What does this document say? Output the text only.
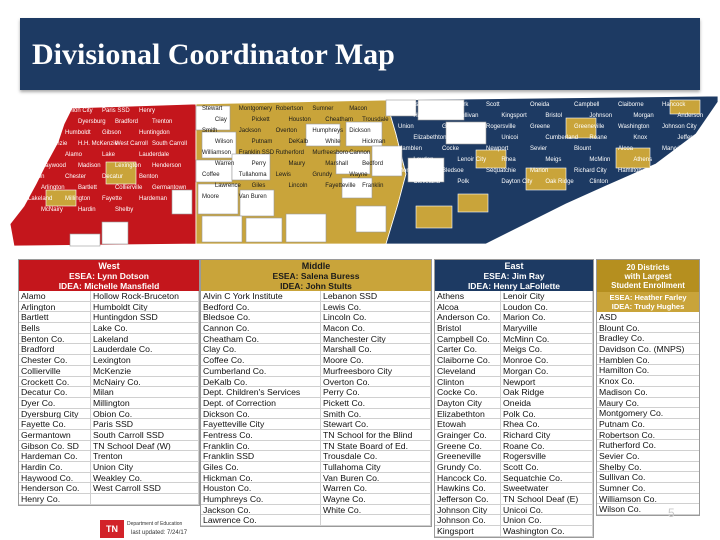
Divisional Coordinator Map
Obion	Union City Paris SSD Henry
Dyer	Dyersburg Bradford Trenton
Milan	Humboldt Gibson	Huntingdon
McKenzie H.H. McKenzie
West Carroll South Carroll
Crockett Alamo	Lake	Lauderdale
Haywood Madison Lexington Henderson
Tipton	Chester	Decatur	Benton
Arlington Bartlett	Collierville Germantown
Lakeland Millington Fayette	Hardeman
McNairy Hardin	Shelby
Stewart	Montgomery Robertson Sumner	Macon
Clay	Pickett	Houston Cheatham Trousdale
Smith	Jackson Overton	Humphreys Dickson
Wilson	Putnam	DeKalb	White	Hickman
Williamson Franklin SSD Rutherford Murfreesboro Cannon
Warren	Perry	Maury	Marshall Bedford
Coffee	Tullahoma Lewis	Grundy	Wayne
Lawrence Giles	Lincoln	Fayetteville Franklin
Moore	Van Buren
Fentress	Alvin York	Scott	Oneida	Campbell	Claiborne	Hancock
Hawkins	Sullivan	Kingsport	Bristol	Johnson	Morgan	Anderson
Union	Grainger	Rogersville Greene	Greeneville Washington Johnson City
Elizabethton Carter	Unicoi	Cumberland Roane	Knox	Jefferson
Hamblen	Cocke	Newport	Sevier	Blount	Alcoa	Maryville
Loudon	Lenoir City	Rhea	Meigs	McMinn	Athens	Etowah
Monroe	Bledsoe	Sequatchie Marion	Richard City Hamilton	Bradley
Cleveland	Polk	Dayton City Oak Ridge	Clinton
West
ESEA: Lynn Dotson
IDEA: Michelle Mansfield
Alamo	Hollow Rock-Bruceton
Arlington	Humboldt City
Bartlett	Huntingdon SSD
Bells	Lake Co.
Benton Co.	Lakeland
Bradford	Lauderdale Co.
Chester Co.	Lexington
Collierville	McKenzie
Crockett Co.	McNairy Co.
Decatur Co.	Milan
Dyer Co.	Millington
Dyersburg City	Obion Co.
Fayette Co.	Paris SSD
Germantown	South Carroll SSD
Gibson Co. SD	TN School Deaf (W)
Hardeman Co.	Trenton
Hardin Co.	Union City
Haywood Co.	Weakley Co.
Henderson Co.	West Carroll SSD
Henry Co.
Middle
ESEA: Salena Buress
IDEA: John Stults
Alvin C York Institute	Lebanon SSD
Bedford Co.	Lewis Co.
Bledsoe Co.	Lincoln Co.
Cannon Co.	Macon Co.
Cheatham Co.	Manchester City
Clay Co.	Marshall Co.
Coffee Co.	Moore Co.
Cumberland Co.	Murfreesboro City
DeKalb Co.	Overton Co.
Dept. Children's Services	Perry Co.
Dept. of Correction	Pickett Co.
Dickson Co.	Smith Co.
Fayetteville City	Stewart Co.
Fentress Co.	TN School for the Blind
Franklin Co.	TN State Board of Ed.
Franklin SSD	Trousdale Co.
Giles Co.	Tullahoma City
Hickman Co.	Van Buren Co.
Houston Co.	Warren Co.
Humphreys Co.	Wayne Co.
Jackson Co.	White Co.
Lawrence Co.
East
ESEA: Jim Ray
IDEA: Henry LaFollette
Athens	Lenoir City
Alcoa	Loudon Co.
Anderson Co.	Marion Co.
Bristol	Maryville
Campbell Co.	McMinn Co.
Carter Co.	Meigs Co.
Claiborne Co.	Monroe Co.
Cleveland	Morgan Co.
Clinton	Newport
Cocke Co.	Oak Ridge
Dayton City	Oneida
Elizabethton	Polk Co.
Etowah	Rhea Co.
Grainger Co.	Richard City
Greene Co.	Roane Co.
Greeneville	Rogersville
Grundy Co.	Scott Co.
Hancock Co.	Sequatchie Co.
Hawkins Co.	Sweetwater
Jefferson Co.	TN School Deaf (E)
Johnson City	Unicoi Co.
Johnson Co.	Union Co.
Kingsport	Washington Co.
20 Districts
with Largest
Student Enrollment
ESEA: Heather Farley
IDEA: Trudy Hughes
ASD
Blount Co.
Bradley Co.
Davidson Co. (MNPS)
Hamblen Co.
Hamilton Co.
Knox Co.
Madison Co.
Maury Co.
Montgomery Co.
Putnam Co.
Robertson Co.
Rutherford Co.
Sevier Co.
Shelby Co.
Sullivan Co.
Sumner Co.
Williamson Co.
Wilson Co.
TN	Department of Education
last updated: 7/24/17
5
